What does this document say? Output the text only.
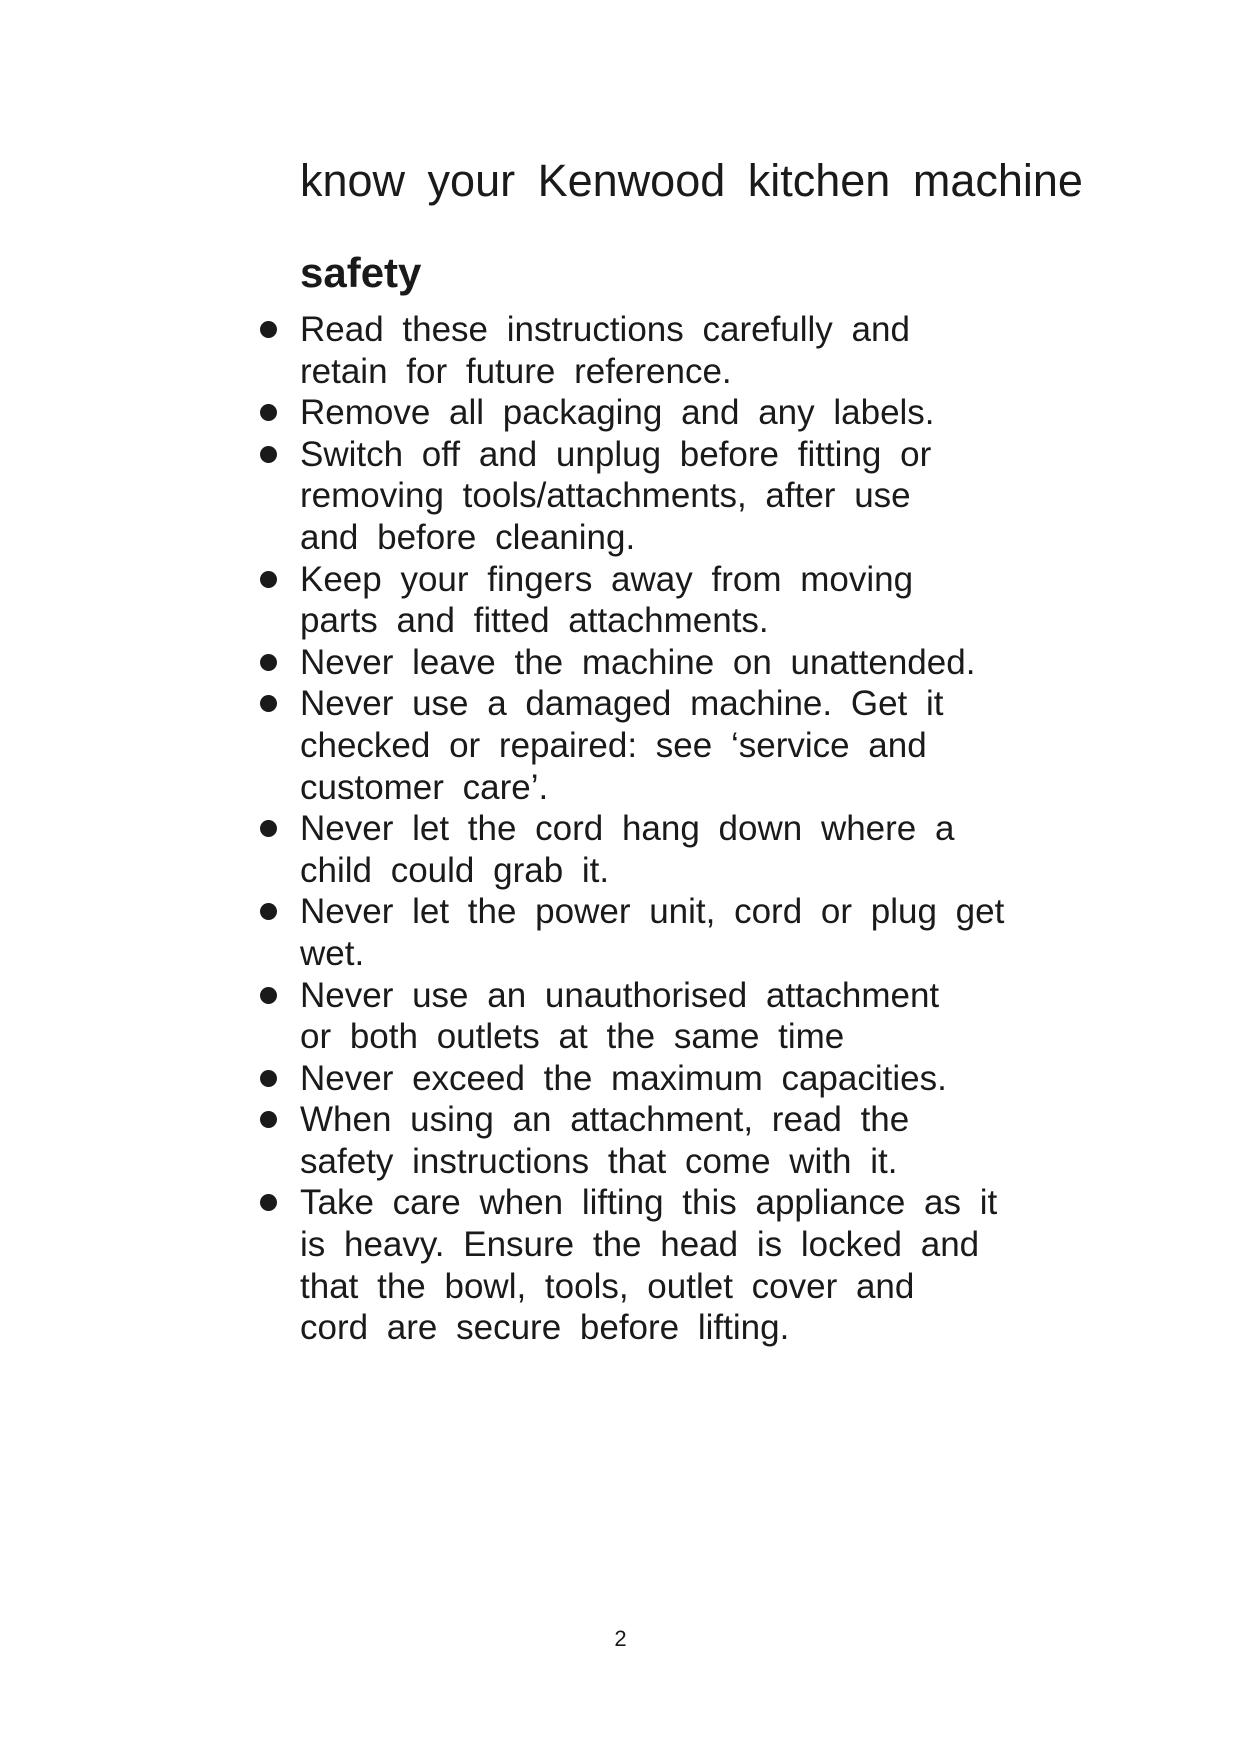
know your Kenwood kitchen machine
safety
Read these instructions carefully and
retain for future reference.
Remove all packaging and any labels.
Switch off and unplug before fitting or
removing tools/attachments, after use
and before cleaning.
Keep your fingers away from moving
parts and fitted attachments.
Never leave the machine on unattended.
Never use a damaged machine. Get it
checked or repaired: see ‘service and
customer care’.
Never let the cord hang down where a
child could grab it.
Never let the power unit, cord or plug get
wet.
Never use an unauthorised attachment
or both outlets at the same time
Never exceed the maximum capacities.
When using an attachment, read the
safety instructions that come with it.
Take care when lifting this appliance as it
is heavy. Ensure the head is locked and
that the bowl, tools, outlet cover and
cord are secure before lifting.
2
